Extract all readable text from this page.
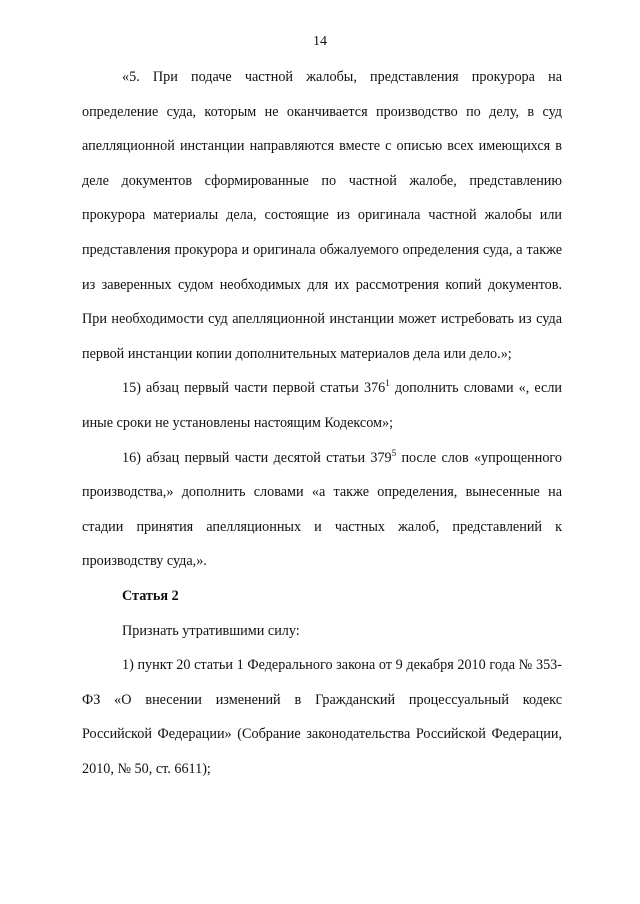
14

«5. При подаче частной жалобы, представления прокурора на определение суда, которым не оканчивается производство по делу, в суд апелляционной инстанции направляются вместе с описью всех имеющихся в деле документов сформированные по частной жалобе, представлению прокурора материалы дела, состоящие из оригинала частной жалобы или представления прокурора и оригинала обжалуемого определения суда, а также из заверенных судом необходимых для их рассмотрения копий документов. При необходимости суд апелляционной инстанции может истребовать из суда первой инстанции копии дополнительных материалов дела или дело.»;

15) абзац первый части первой статьи $376^1$ дополнить словами «, если иные сроки не установлены настоящим Кодексом»;

16) абзац первый части десятой статьи $379^5$ после слов «упрощенного производства,» дополнить словами «а также определения, вынесенные на стадии принятия апелляционных и частных жалоб, представлений к производству суда,».

Статья 2

Признать утратившими силу:

1) пункт 20 статьи 1 Федерального закона от 9 декабря 2010 года № 353-ФЗ «О внесении изменений в Гражданский процессуальный кодекс Российской Федерации» (Собрание законодательства Российской Федерации, 2010, № 50, ст. 6611);
